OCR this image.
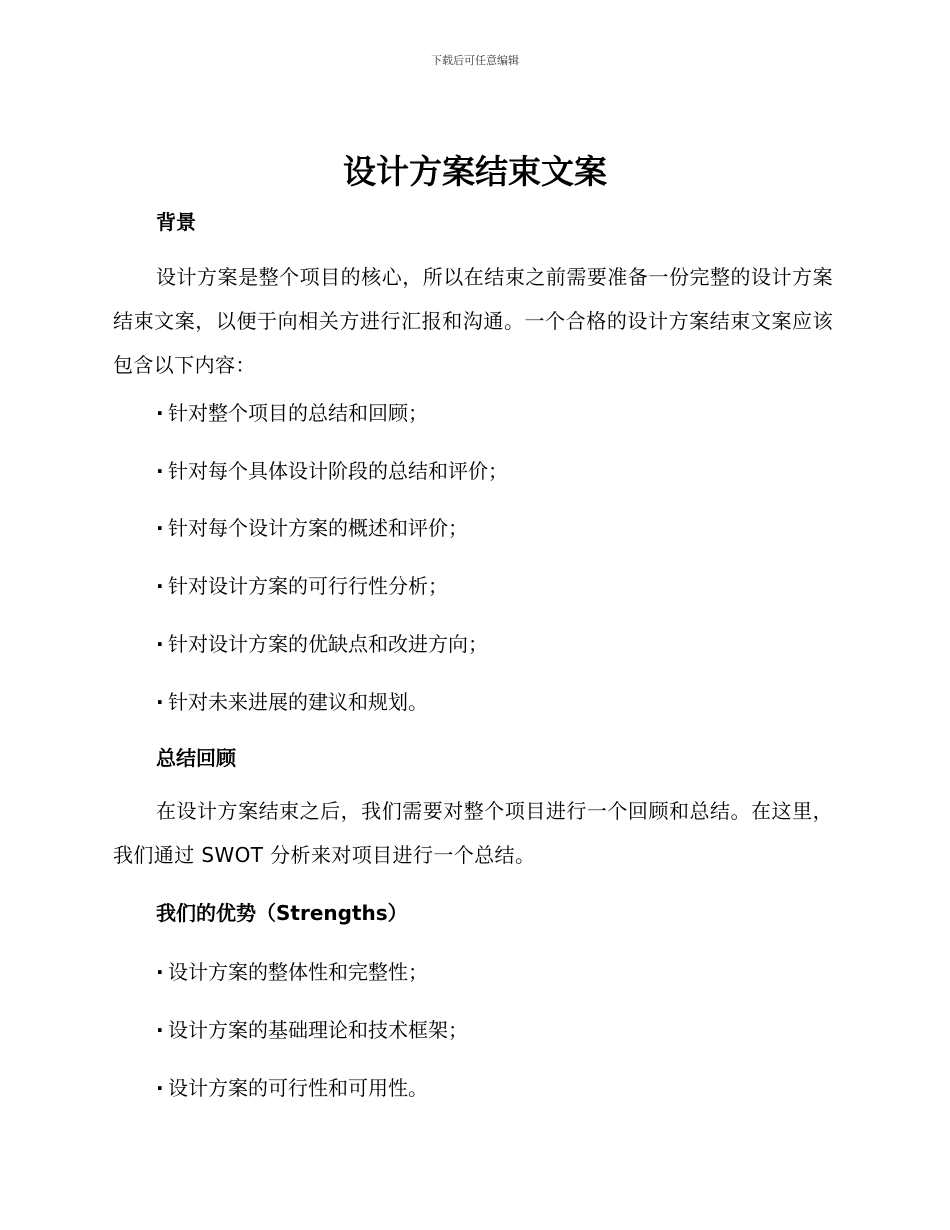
下载后可任意编辑
设计方案结束文案

背景

设计方案是整个项目的核心，所以在结束之前需要准备一份完整的设计方案结束文案，以便于向相关方进行汇报和沟通。一个合格的设计方案结束文案应该包含以下内容：

· 针对整个项目的总结和回顾；

· 针对每个具体设计阶段的总结和评价；

· 针对每个设计方案的概述和评价；

· 针对设计方案的可行行性分析；

· 针对设计方案的优缺点和改进方向；

· 针对未来进展的建议和规划。

总结回顾

在设计方案结束之后，我们需要对整个项目进行一个回顾和总结。在这里，我们通过 SWOT 分析来对项目进行一个总结。

我们的优势（Strengths）

· 设计方案的整体性和完整性；

· 设计方案的基础理论和技术框架；

· 设计方案的可行性和可用性。
